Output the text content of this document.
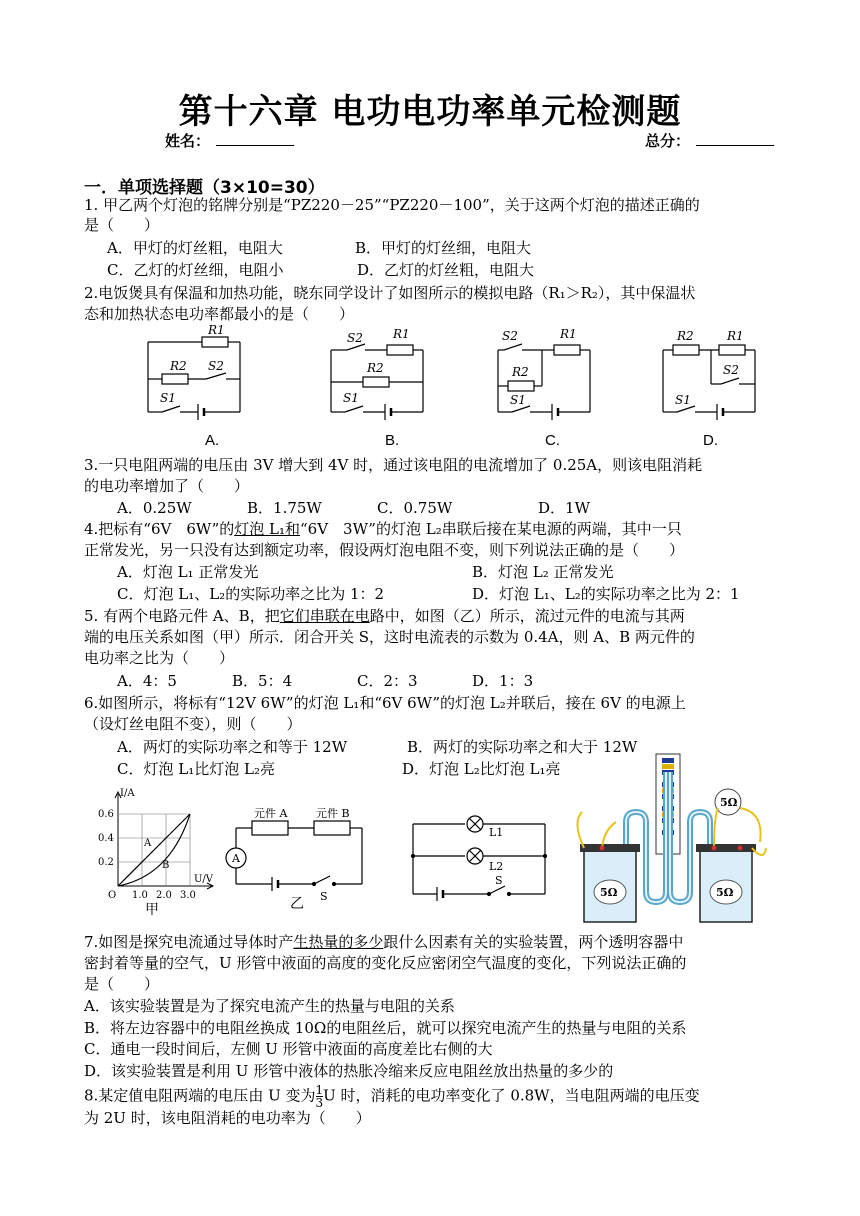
第十六章 电功电功率单元检测题
姓名：	总分：
一．单项选择题（3×10=30）
1. 甲乙两个灯泡的铭牌分别是“PZ220－25”“PZ220－100”，关于这两个灯泡的描述正确的
是（　　）
A．甲灯的灯丝粗，电阻大	B．甲灯的灯丝细，电阻大
C．乙灯的灯丝细，电阻小	D．乙灯的灯丝粗，电阻大
2.电饭煲具有保温和加热功能，晓东同学设计了如图所示的模拟电路（R₁＞R₂），其中保温状
态和加热状态电功率都最小的是（　　）
R1
R2 S2
S1
A.
S2	R1
R2
S1
B.
S2	R1
R2
S1
C.
R2	R1
S2
S1
D.
3.一只电阻两端的电压由 3V 增大到 4V 时，通过该电阻的电流增加了 0.25A，则该电阻消耗
的电功率增加了（　　）
A．0.25W	B．1.75W	C．0.75W	D．1W
4.把标有“6V　6W”的灯泡 L₁和“6V　3W”的灯泡 L₂串联后接在某电源的两端，其中一只
正常发光，另一只没有达到额定功率，假设两灯泡电阻不变，则下列说法正确的是（　　）
A．灯泡 L₁ 正常发光	B．灯泡 L₂ 正常发光
C．灯泡 L₁、L₂的实际功率之比为 1：2	D．灯泡 L₁、L₂的实际功率之比为 2：1
5. 有两个电路元件 A、B，把它们串联在电路中，如图（乙）所示，流过元件的电流与其两
端的电压关系如图（甲）所示．闭合开关 S，这时电流表的示数为 0.4A，则 A、B 两元件的
电功率之比为（　　）
A．4：5	B．5：4	C．2：3	D．1：3
6.如图所示，将标有“12V 6W”的灯泡 L₁和“6V 6W”的灯泡 L₂并联后，接在 6V 的电源上
（设灯丝电阻不变），则（　　）
A．两灯的实际功率之和等于 12W	B．两灯的实际功率之和大于 12W
C．灯泡 L₁比灯泡 L₂亮	D．灯泡 L₂比灯泡 L₁亮
I/A
U/V
0.6
0.4
0.2
O 1.0 2.0 3.0
A
B
甲
元件 A	元件 B
A
S
乙
L1
L2
S
5Ω
5Ω	5Ω
7.如图是探究电流通过导体时产生热量的多少跟什么因素有关的实验装置，两个透明容器中
密封着等量的空气，U 形管中液面的高度的变化反应密闭空气温度的变化，下列说法正确的
是（　　）
A．该实验装置是为了探究电流产生的热量与电阻的关系
B．将左边容器中的电阻丝换成 10Ω的电阻丝后，就可以探究电流产生的热量与电阻的关系
C．通电一段时间后，左侧 U 形管中液面的高度差比右侧的大
D．该实验装置是利用 U 形管中液体的热胀冷缩来反应电阻丝放出热量的多少的
8.某定值电阻两端的电压由 U 变为 $\frac{1}{3}$ U 时，消耗的电功率变化了 0.8W，当电阻两端的电压变
为 2U 时，该电阻消耗的电功率为（　　）
